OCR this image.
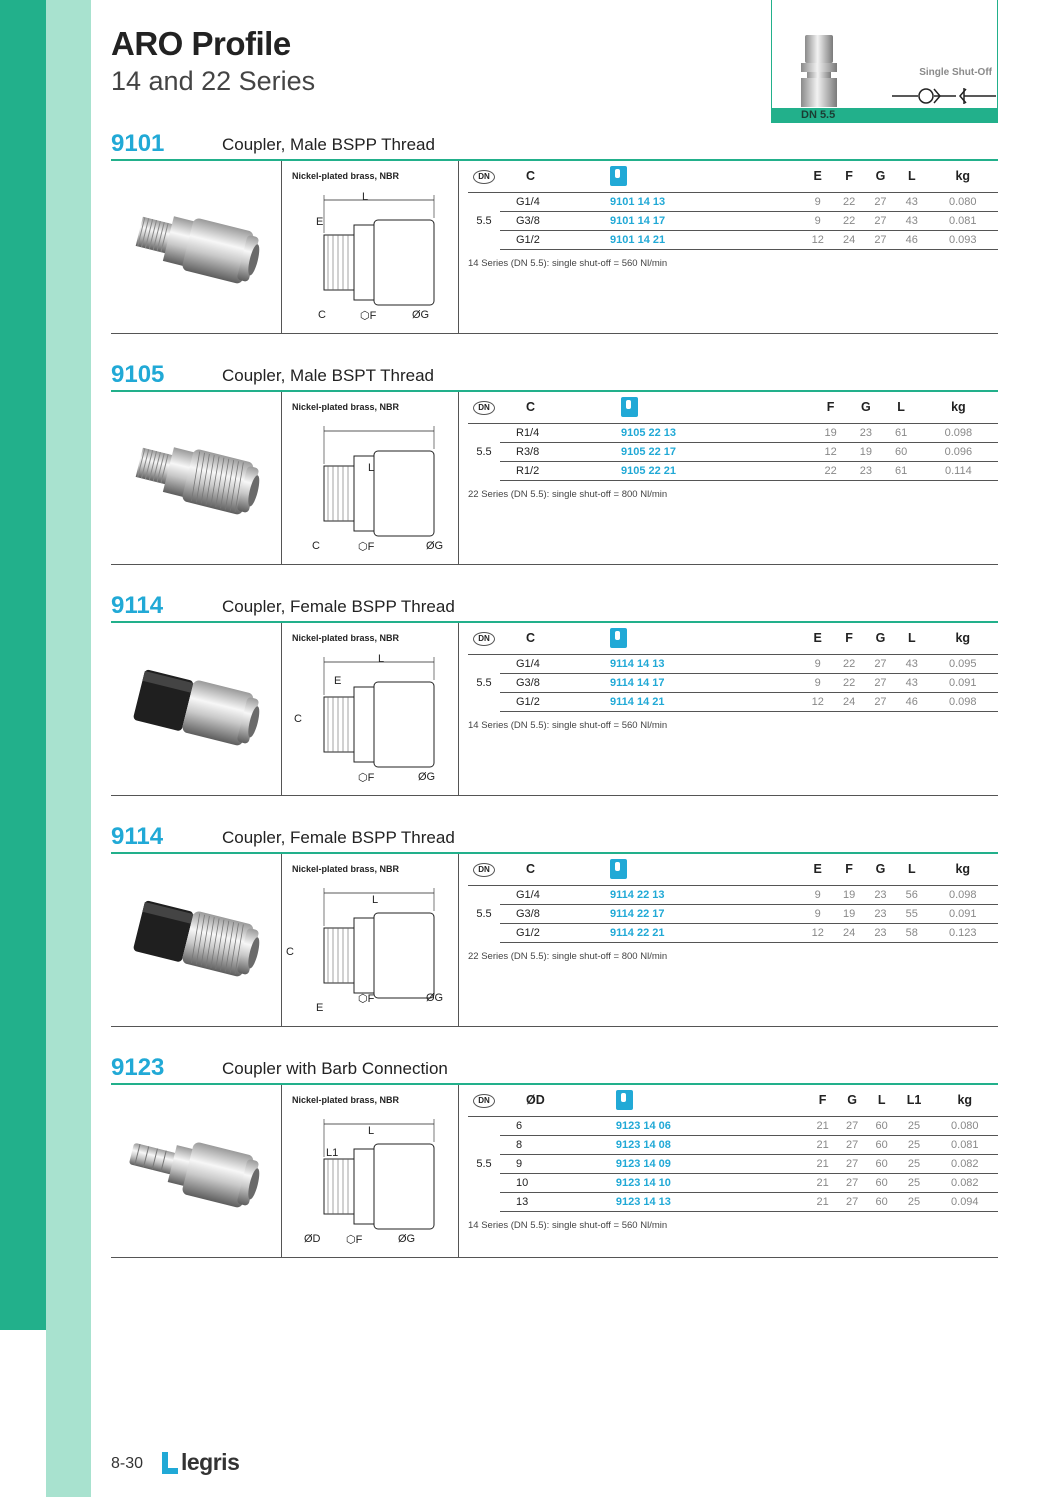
ARO Profile
14 and 22 Series	Single Shut-Off
DN 5.5
9101	Coupler, Male BSPP Thread
Nickel-plated brass, NBR
L
E
C	⬡F	ØG
DN	C		E	F	G	L	kg
5.5	G1/4	9101 14 13	9	22	27	43	0.080
	G3/8	9101 14 17	9	22	27	43	0.081
	G1/2	9101 14 21	12	24	27	46	0.093
14 Series (DN 5.5): single shut-off = 560 Nl/min
9105	Coupler, Male BSPT Thread
Nickel-plated brass, NBR
L
C	⬡F	ØG
DN	C		F	G	L	kg
5.5	R1/4	9105 22 13	19	23	61	0.098
	R3/8	9105 22 17	12	19	60	0.096
	R1/2	9105 22 21	22	23	61	0.114
22 Series (DN 5.5): single shut-off = 800 Nl/min
9114	Coupler, Female BSPP Thread
Nickel-plated brass, NBR
L
E
C
⬡F	ØG
DN	C		E	F	G	L	kg
5.5	G1/4	9114 14 13	9	22	27	43	0.095
	G3/8	9114 14 17	9	22	27	43	0.091
	G1/2	9114 14 21	12	24	27	46	0.098
14 Series (DN 5.5): single shut-off = 560 Nl/min
9114	Coupler, Female BSPP Thread
Nickel-plated brass, NBR
L
C
⬡F	ØG
E
DN	C		E	F	G	L	kg
5.5	G1/4	9114 22 13	9	19	23	56	0.098
	G3/8	9114 22 17	9	19	23	55	0.091
	G1/2	9114 22 21	12	24	23	58	0.123
22 Series (DN 5.5): single shut-off = 800 Nl/min
9123	Coupler with Barb Connection
Nickel-plated brass, NBR
L
L1
ØD ⬡F	ØG
DN	ØD		F	G	L	L1	kg
5.5	6	9123 14 06	21	27	60	25	0.080
	8	9123 14 08	21	27	60	25	0.081
	9	9123 14 09	21	27	60	25	0.082
	10	9123 14 10	21	27	60	25	0.082
	13	9123 14 13	21	27	60	25	0.094
14 Series (DN 5.5): single shut-off = 560 Nl/min
8-30 legris
